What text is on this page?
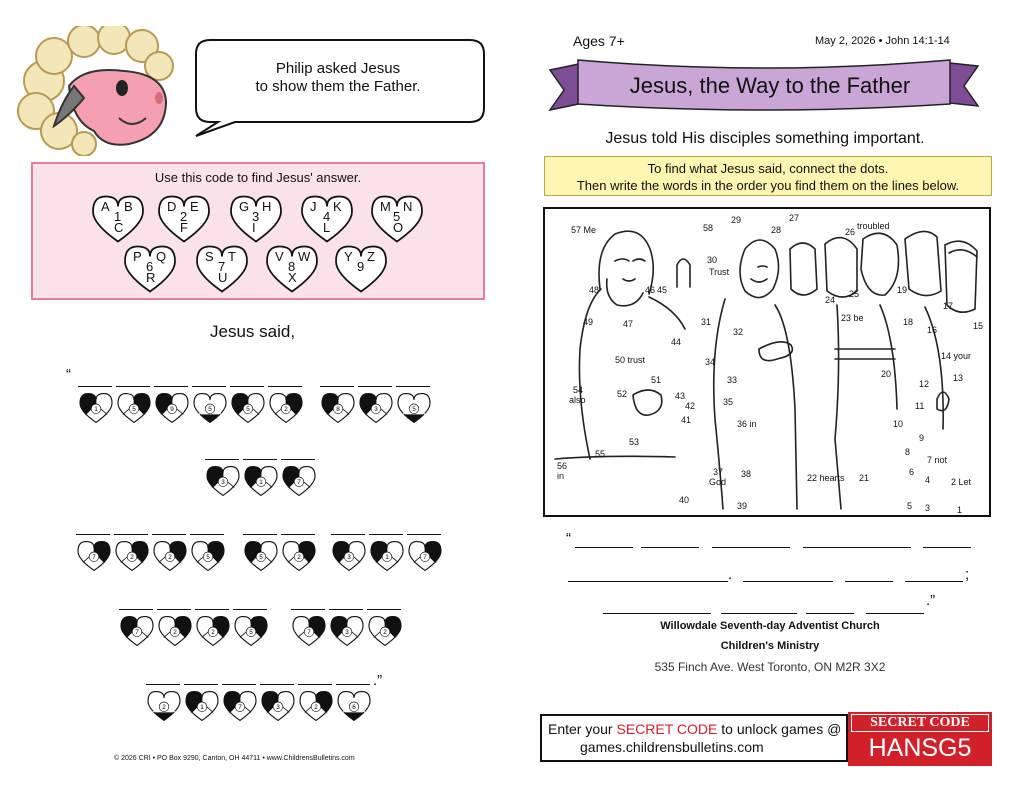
Philip asked Jesus
to show them the Father.
Use this code to find Jesus' answer.
A B
1
C
D E
2
F
G H
3
I
J K
4
L
M N
5
O
P Q
6
R
S T
7
U
V W
8
X
Y Z
9
Jesus said,
“
1	5	9	5	5	2	8	3	5
3	1	7
7	2	2	5	5	2	3	1	7
7	2	2	5	7	3	2
2	1	7	3	2	6
.”
© 2026 CRI • PO Box 9290, Canton, OH 44711 • www.ChildrensBulletins.com
Ages 7+	May 2, 2026 • John 14:1-14
Jesus, the Way to the Father
Jesus told His disciples something important.
To find what Jesus said, connect the dots.
Then write the words in the order you find them on the lines below.
57 Me	58
29	27
28	26
troubled
30
Trust
48	46 45
24
25	19
17
15
49	47	31	23 be	18
16
32
44
50 trust	34
14 your
33
20	13
51	12
54
also
52	43
42	35	11
41	36 in	10
53	9
55	8
7 not
56
in	37
God
38	22 hearts 21
6
4 2 Let
40
39	5 3	1
“
.	;
.”
Willowdale Seventh-day Adventist Church
Children's Ministry
535 Finch Ave. West Toronto, ON M2R 3X2
Enter your SECRET CODE to unlock games @
games.childrensbulletins.com
SECRET CODE
HANSG5
